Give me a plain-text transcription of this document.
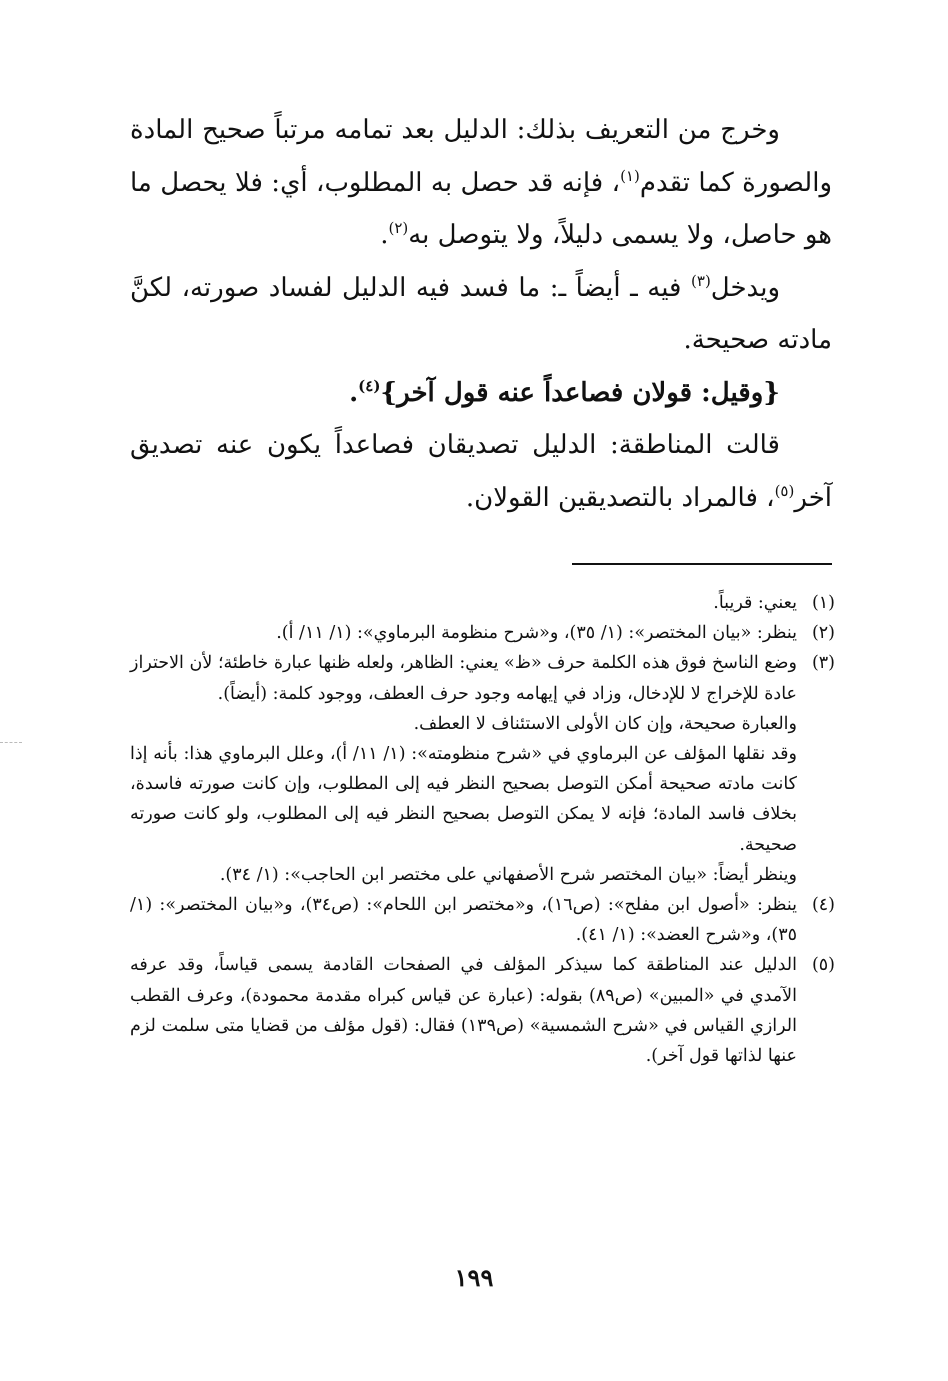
وخرج من التعريف بذلك: الدليل بعد تمامه مرتباً صحيح المادة والصورة كما تقدم$^{(١)}$، فإنه قد حصل به المطلوب، أي: فلا يحصل ما هو حاصل، ولا يسمى دليلاً، ولا يتوصل به$^{(٢)}$.

ويدخل$^{(٣)}$ فيه ـ أيضاً ـ: ما فسد فيه الدليل لفساد صورته، لكنَّ مادته صحيحة.

{وقيل: قولان فصاعداً عنه قول آخر}$^{(٤)}$.

قالت المناطقة: الدليل تصديقان فصاعداً يكون عنه تصديق آخر$^{(٥)}$، فالمراد بالتصديقين القولان.

(١)

يعني: قريباً.

(٢)

ينظر: «بيان المختصر»: (١/ ٣٥)، و«شرح منظومة البرماوي»: (١/ ١١/ أ).

(٣)

وضع الناسخ فوق هذه الكلمة حرف «ظ» يعني: الظاهر، ولعله ظنها عبارة خاطئة؛ لأن الاحتراز عادة للإخراج لا للإدخال، وزاد في إيهامه وجود حرف العطف، ووجود كلمة: (أيضاً).

والعبارة صحيحة، وإن كان الأولى الاستئناف لا العطف.

وقد نقلها المؤلف عن البرماوي في «شرح منظومته»: (١/ ١١/ أ)، وعلل البرماوي هذا: بأنه إذا كانت مادته صحيحة أمكن التوصل بصحيح النظر فيه إلى المطلوب، وإن كانت صورته فاسدة، بخلاف فاسد المادة؛ فإنه لا يمكن التوصل بصحيح النظر فيه إلى المطلوب، ولو كانت صورته صحيحة.

وينظر أيضاً: «بيان المختصر شرح الأصفهاني على مختصر ابن الحاجب»: (١/ ٣٤).

(٤)

ينظر: «أصول ابن مفلح»: (ص١٦)، و«مختصر ابن اللحام»: (ص٣٤)، و«بيان المختصر»: (١/ ٣٥)، و«شرح العضد»: (١/ ٤١).

(٥)

الدليل عند المناطقة كما سيذكر المؤلف في الصفحات القادمة يسمى قياساً، وقد عرفه الآمدي في «المبين» (ص٨٩) بقوله: (عبارة عن قياس كبراه مقدمة محمودة)، وعرف القطب الرازي القياس في «شرح الشمسية» (ص١٣٩) فقال: (قول مؤلف من قضايا متى سلمت لزم عنها لذاتها قول آخر).

١٩٩
